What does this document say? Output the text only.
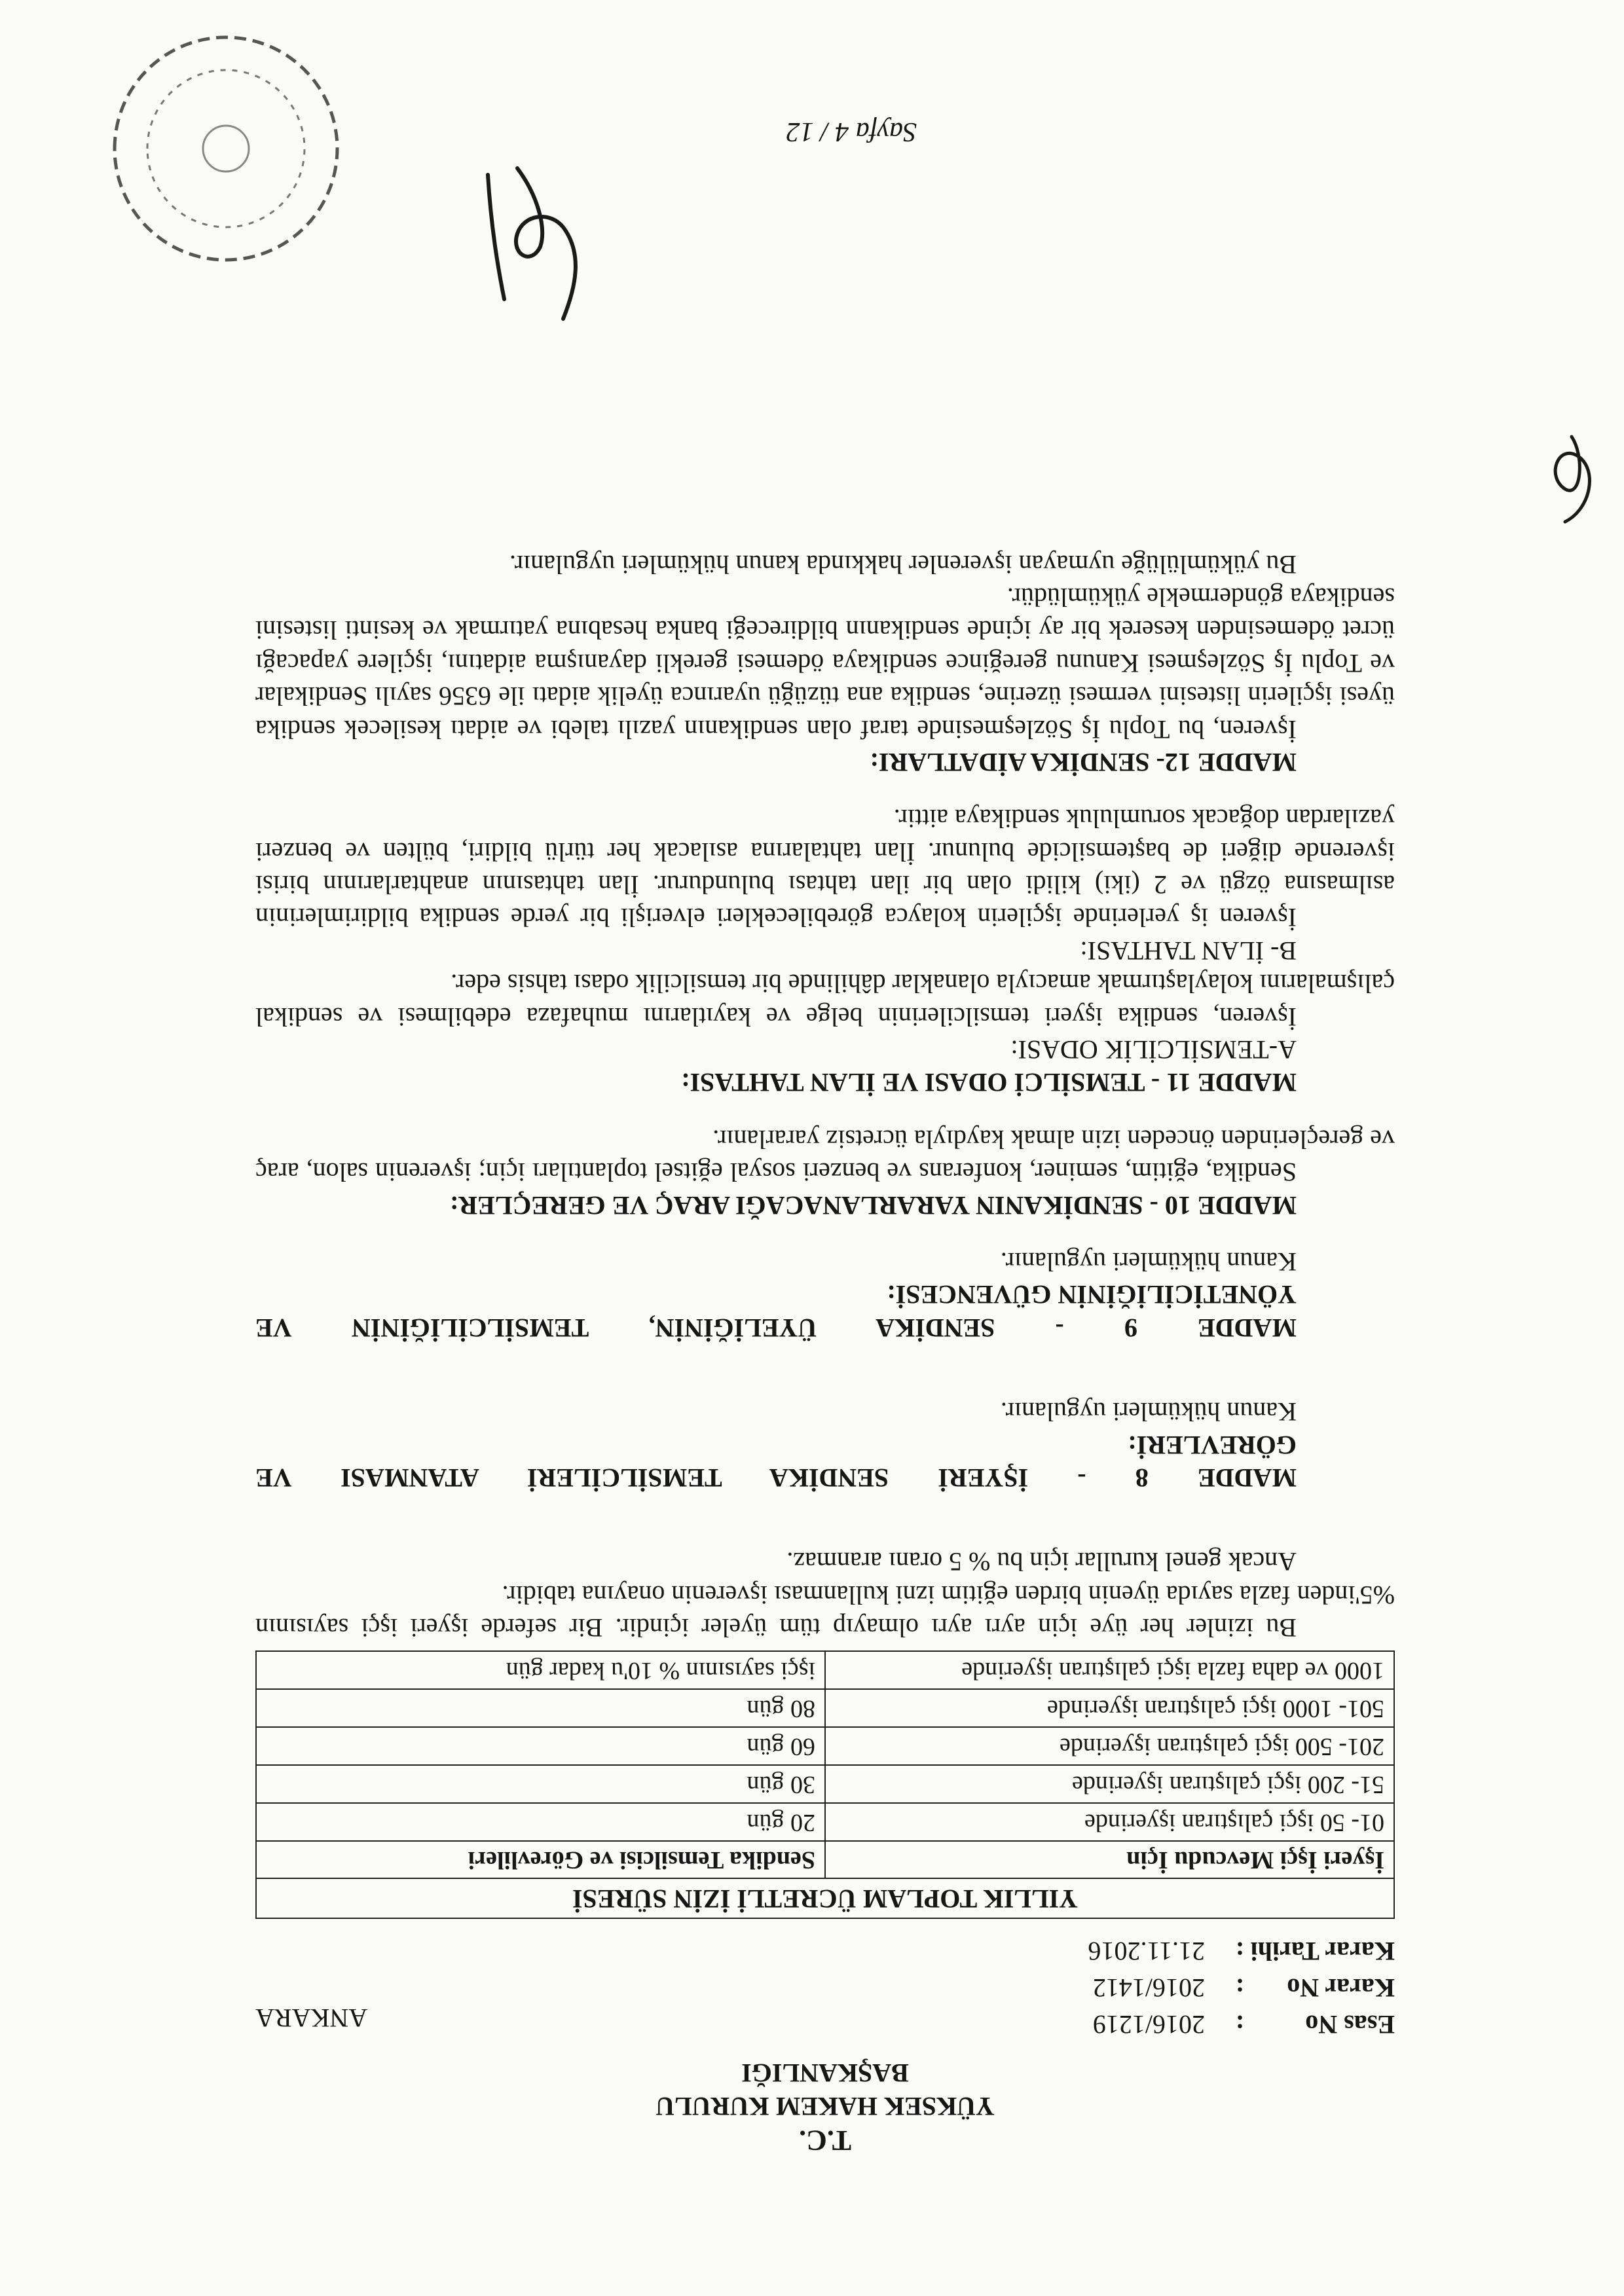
T.C.

YÜKSEK HAKEM KURULU

BAŞKANLIĞI

Esas No
:
2016/1219
Karar No
:
2016/1412
Karar Tarihi
:
21.11.2016
ANKARA
YILLIK TOPLAM ÜCRETLİ İZİN SÜRESİ	
İşyeri İşçi Mevcudu İçin	Sendika Temsilcisi ve Görevlileri
01- 50 işçi çalıştıran işyerinde	20 gün
51- 200 işçi çalıştıran işyerinde	30 gün
201- 500 işçi çalıştıran işyerinde	60 gün
501- 1000 işçi çalıştıran işyerinde	80 gün
1000 ve daha fazla işçi çalıştıran işyerinde	işçi sayısının % 10'u kadar gün

Bu izinler her üye için ayrı ayrı olmayıp tüm üyeler içindir. Bir seferde işyeri işçi sayısının %5'inden fazla sayıda üyenin birden eğitim izni kullanması işverenin onayına tabidir.

Ancak genel kurullar için bu % 5 oranı aranmaz.

MADDE 8 - İŞYERİ SENDİKA TEMSİLCİLERİ ATANMASI VE

GÖREVLERİ:

Kanun hükümleri uygulanır.

MADDE 9 - SENDİKA ÜYELİĞİNİN, TEMSİLCİLİĞİNİN VE

YÖNETİCİLİĞİNİN GÜVENCESİ:

Kanun hükümleri uygulanır.

MADDE 10 - SENDİKANIN YARARLANACAĞI ARAÇ VE GEREÇLER:

Sendika, eğitim, seminer, konferans ve benzeri sosyal eğitsel toplantıları için; işverenin salon, araç ve gereçlerinden önceden izin almak kaydıyla ücretsiz yararlanır.

MADDE 11 - TEMSİLCİ ODASI VE İLAN TAHTASI:

A-TEMSİLCİLİK ODASI:

İşveren, sendika işyeri temsilcilerinin belge ve kayıtlarını muhafaza edebilmesi ve sendikal çalışmalarını kolaylaştırmak amacıyla olanaklar dâhilinde bir temsilcilik odası tahsis eder.

B- İLAN TAHTASI:

İşveren iş yerlerinde işçilerin kolayca görebilecekleri elverişli bir yerde sendika bildirimlerinin asılmasına özgü ve 2 (iki) kilidi olan bir ilan tahtası bulundurur. İlan tahtasının anahtarlarının birisi işverende diğeri de baştemsilcide bulunur. İlan tahtalarına asılacak her türlü bildiri, bülten ve benzeri yazılardan doğacak sorumluluk sendikaya aittir.

MADDE 12- SENDİKA AİDATLARI:

İşveren, bu Toplu İş Sözleşmesinde taraf olan sendikanın yazılı talebi ve aidatı kesilecek sendika üyesi işçilerin listesini vermesi üzerine, sendika ana tüzüğü uyarınca üyelik aidatı ile 6356 sayılı Sendikalar ve Toplu İş Sözleşmesi Kanunu gereğince sendikaya ödemesi gerekli dayanışma aidatını, işçilere yapacağı ücret ödemesinden keserek bir ay içinde sendikanın bildireceği banka hesabına yatırmak ve kesinti listesini sendikaya göndermekle yükümlüdür.

Bu yükümlülüğe uymayan işverenler hakkında kanun hükümleri uygulanır.

Sayfa 4 / 12
